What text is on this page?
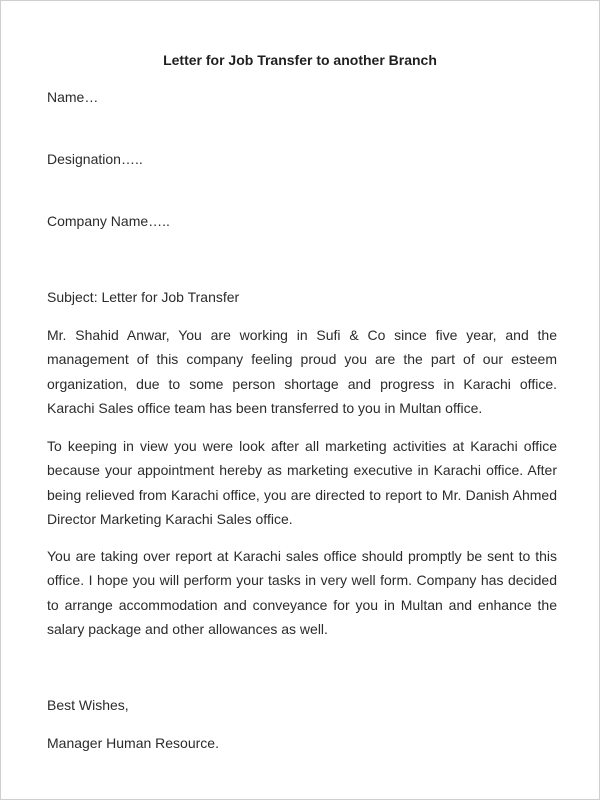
Letter for Job Transfer to another Branch
Name…
Designation…..
Company Name…..
Subject: Letter for Job Transfer
Mr. Shahid Anwar, You are working in Sufi & Co since five year, and the
management of this company feeling proud you are the part of our esteem
organization, due to some person shortage and progress in Karachi office.
Karachi Sales office team has been transferred to you in Multan office.
To keeping in view you were look after all marketing activities at Karachi office
because your appointment hereby as marketing executive in Karachi office. After
being relieved from Karachi office, you are directed to report to Mr. Danish Ahmed
Director Marketing Karachi Sales office.
You are taking over report at Karachi sales office should promptly be sent to this
office. I hope you will perform your tasks in very well form. Company has decided
to arrange accommodation and conveyance for you in Multan and enhance the
salary package and other allowances as well.
Best Wishes,
Manager Human Resource.
